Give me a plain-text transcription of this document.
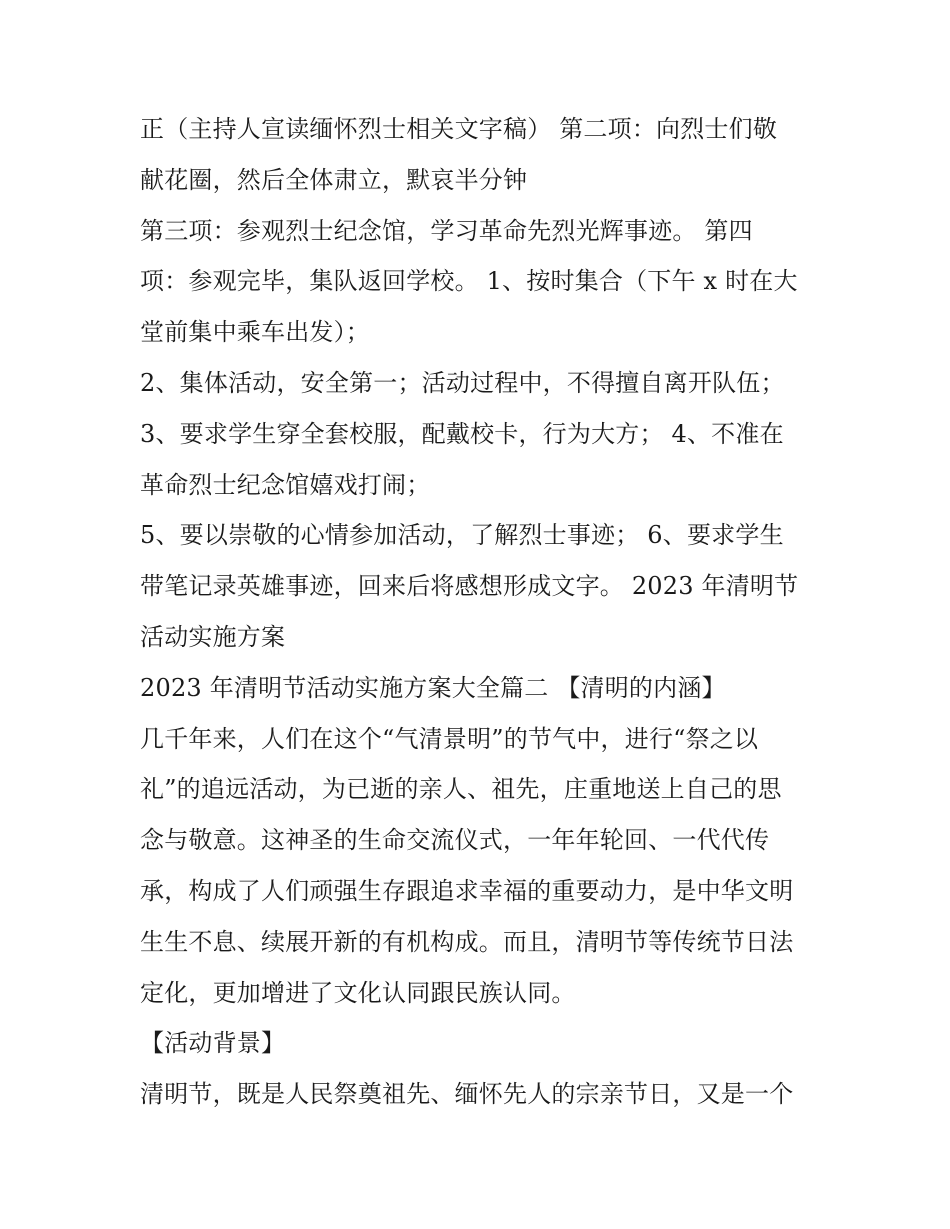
正（主持人宣读缅怀烈士相关文字稿） 第二项：向烈士们敬
献花圈，然后全体肃立，默哀半分钟
第三项：参观烈士纪念馆，学习革命先烈光辉事迹。 第四
项：参观完毕，集队返回学校。 1、按时集合（下午 x 时在大
堂前集中乘车出发）；
2、集体活动，安全第一；活动过程中，不得擅自离开队伍；
3、要求学生穿全套校服，配戴校卡，行为大方； 4、不准在
革命烈士纪念馆嬉戏打闹；
5、要以崇敬的心情参加活动，了解烈士事迹； 6、要求学生
带笔记录英雄事迹，回来后将感想形成文字。 2023 年清明节
活动实施方案
2023 年清明节活动实施方案大全篇二 【清明的内涵】
几千年来，人们在这个“气清景明”的节气中，进行“祭之以
礼”的追远活动，为已逝的亲人、祖先，庄重地送上自己的思
念与敬意。这神圣的生命交流仪式，一年年轮回、一代代传
承，构成了人们顽强生存跟追求幸福的重要动力，是中华文明
生生不息、续展开新的有机构成。而且，清明节等传统节日法
定化，更加增进了文化认同跟民族认同。
【活动背景】
清明节，既是人民祭奠祖先、缅怀先人的宗亲节日，又是一个
